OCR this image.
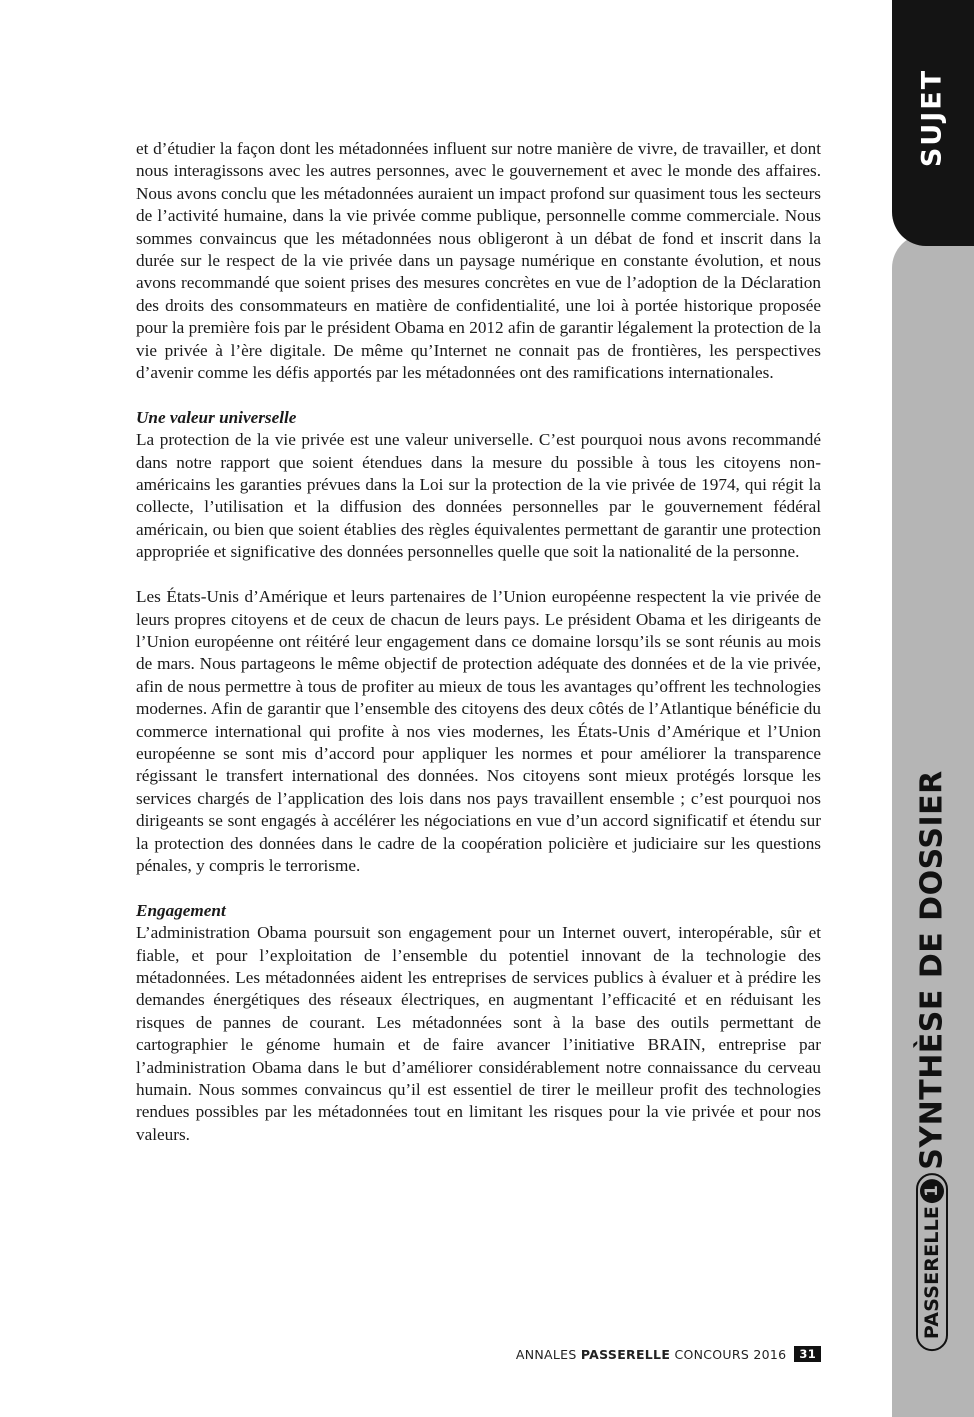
SUJET
SYNTHÈSE DE DOSSIER
PASSERELLE
1

et d’étudier la façon dont les métadonnées influent sur notre manière de vivre, de travailler, et dont nous interagissons avec les autres personnes, avec le gouvernement et avec le monde des affaires. Nous avons conclu que les métadonnées auraient un impact profond sur quasiment tous les secteurs de l’activité humaine, dans la vie privée comme publique, personnelle comme commerciale. Nous sommes convaincus que les métadonnées nous obligeront à un débat de fond et inscrit dans la durée sur le respect de la vie privée dans un paysage numérique en constante évolution, et nous avons recommandé que soient prises des mesures concrètes en vue de l’adoption de la Déclaration des droits des consommateurs en matière de confidentialité, une loi à portée historique proposée pour la première fois par le président Obama en 2012 afin de garantir légalement la protection de la vie privée à l’ère digitale. De même qu’Internet ne connait pas de frontières, les perspectives d’avenir comme les défis apportés par les métadonnées ont des ramifications internationales.

Une valeur universelle

La protection de la vie privée est une valeur universelle. C’est pourquoi nous avons recommandé dans notre rapport que soient étendues dans la mesure du possible à tous les citoyens non-américains les garanties prévues dans la Loi sur la protection de la vie privée de 1974, qui régit la collecte, l’utilisation et la diffusion des données personnelles par le gouvernement fédéral américain, ou bien que soient établies des règles équivalentes permettant de garantir une protection appropriée et significative des données personnelles quelle que soit la nationalité de la personne.

Les États-Unis d’Amérique et leurs partenaires de l’Union européenne respectent la vie privée de leurs propres citoyens et de ceux de chacun de leurs pays. Le président Obama et les dirigeants de l’Union européenne ont réitéré leur engagement dans ce domaine lorsqu’ils se sont réunis au mois de mars. Nous partageons le même objectif de protection adéquate des données et de la vie privée, afin de nous permettre à tous de profiter au mieux de tous les avantages qu’offrent les technologies modernes. Afin de garantir que l’ensemble des citoyens des deux côtés de l’Atlantique bénéficie du commerce international qui profite à nos vies modernes, les États-Unis d’Amérique et l’Union européenne se sont mis d’accord pour appliquer les normes et pour améliorer la transparence régissant le transfert international des données. Nos citoyens sont mieux protégés lorsque les services chargés de l’application des lois dans nos pays travaillent ensemble ; c’est pourquoi nos dirigeants se sont engagés à accélérer les négociations en vue d’un accord significatif et étendu sur la protection des données dans le cadre de la coopération policière et judiciaire sur les questions pénales, y compris le terrorisme.

Engagement

L’administration Obama poursuit son engagement pour un Internet ouvert, interopérable, sûr et fiable, et pour l’exploitation de l’ensemble du potentiel innovant de la technologie des métadonnées. Les métadonnées aident les entreprises de services publics à évaluer et à prédire les demandes énergétiques des réseaux électriques, en augmentant l’efficacité et en réduisant les risques de pannes de courant. Les métadonnées sont à la base des outils permettant de cartographier le génome humain et de faire avancer l’initiative BRAIN, entreprise par l’administration Obama dans le but d’améliorer considérablement notre connaissance du cerveau humain. Nous sommes convaincus qu’il est essentiel de tirer le meilleur profit des technologies rendues possibles par les métadonnées tout en limitant les risques pour la vie privée et pour nos valeurs.

ANNALES PASSERELLE CONCOURS 2016	31
